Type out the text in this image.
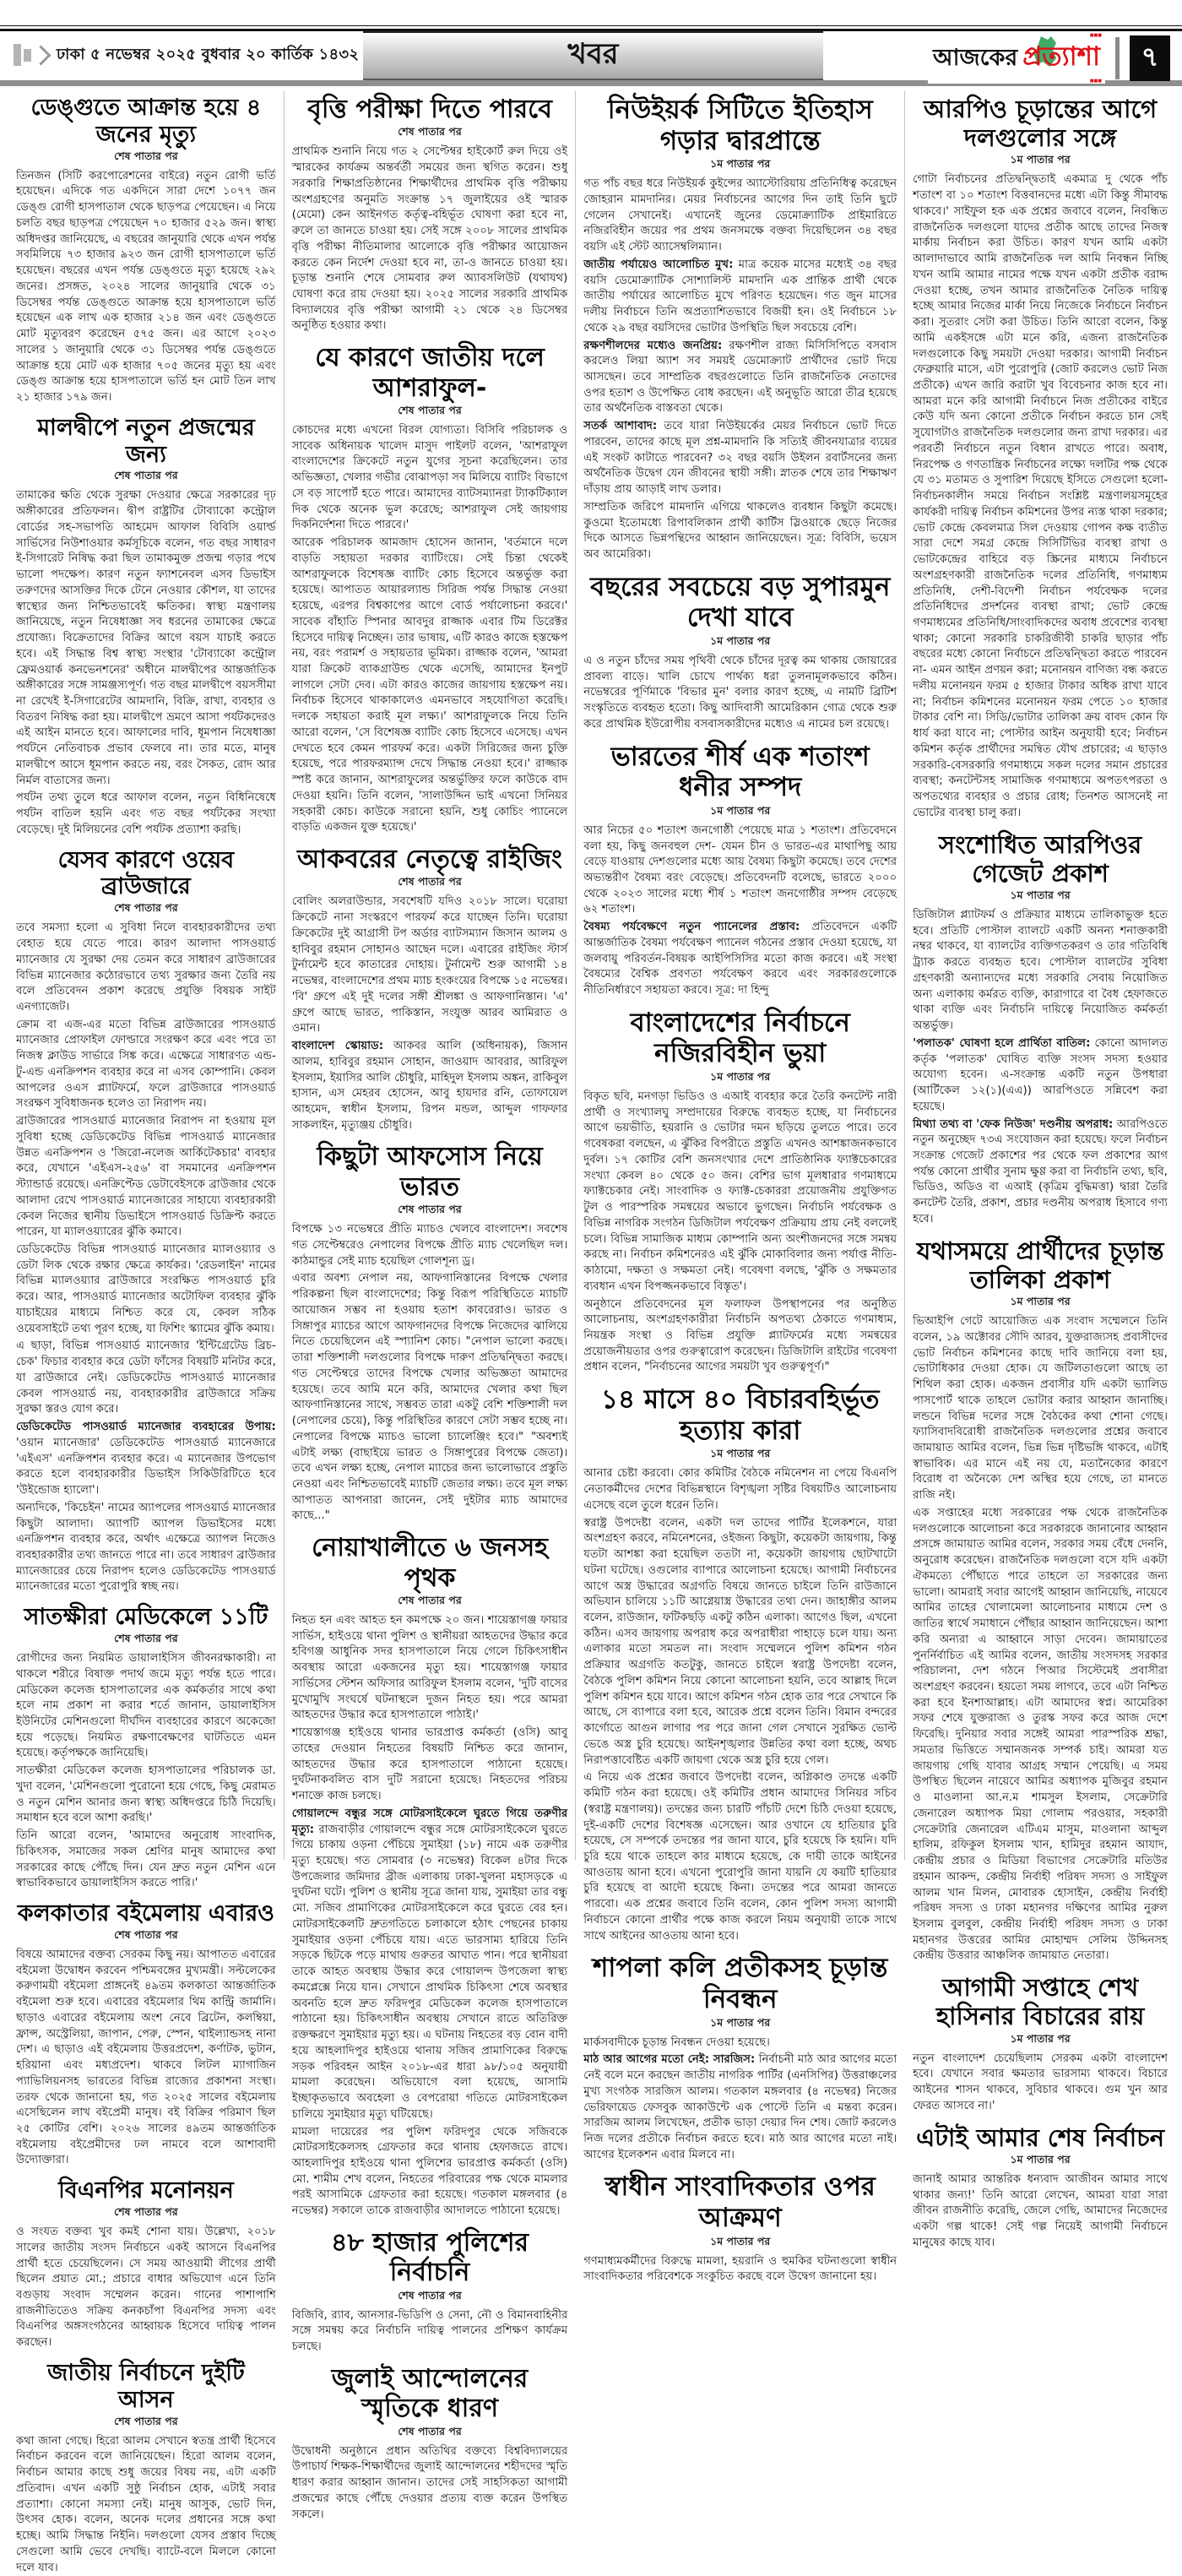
ঢাকা ৫ নভেম্বর ২০২৫ বুধবার ২০ কার্তিক ১৪৩২	খবর	আজকের প্রত্যাশা
■■■
■■■
৭
ডেঙ্গুতে আক্রান্ত হয়ে ৪ জনের মৃত্যু
শেষ পাতার পর

তিনজন (সিটি করপোরেশনের বাইরে) নতুন রোগী ভর্তি হয়েছেন। এদিকে গত একদিনে সারা দেশে ১০৭৭ জন ডেঙ্গু রোগী হাসপাতাল থেকে ছাড়পত্র পেয়েছেন। এ নিয়ে চলতি বছর ছাড়পত্র পেয়েছেন ৭০ হাজার ৫২৯ জন। স্বাস্থ্য অধিদপ্তর জানিয়েছে, এ বছরের জানুয়ারি থেকে এখন পর্যন্ত সবমিলিয়ে ৭৩ হাজার ৯২৩ জন রোগী হাসপাতালে ভর্তি হয়েছেন। বছরের এখন পর্যন্ত ডেঙ্গুতে মৃত্যু হয়েছে ২৯২ জনের। প্রসঙ্গত, ২০২৪ সালের জানুয়ারি থেকে ৩১ ডিসেম্বর পর্যন্ত ডেঙ্গুতে আক্রান্ত হয়ে হাসপাতালে ভর্তি হয়েছেন এক লাখ এক হাজার ২১৪ জন এবং ডেঙ্গুতে মোট মৃত্যুবরণ করেছেন ৫৭৫ জন। এর আগে ২০২৩ সালের ১ জানুয়ারি থেকে ৩১ ডিসেম্বর পর্যন্ত ডেঙ্গুতে আক্রান্ত হয়ে মোট এক হাজার ৭০৫ জনের মৃত্যু হয় এবং ডেঙ্গু আক্রান্ত হয়ে হাসপাতালে ভর্তি হন মোট তিন লাখ ২১ হাজার ১৭৯ জন।

মালদ্বীপে নতুন প্রজন্মের জন্য
শেষ পাতার পর

তামাকের ক্ষতি থেকে সুরক্ষা দেওয়ার ক্ষেত্রে সরকারের দৃঢ় অঙ্গীকারের প্রতিফলন। দ্বীপ রাষ্ট্রটির টোব্যাকো কন্ট্রোল বোর্ডের সহ-সভাপতি আহমেদ আফাল বিবিসি ওয়ার্ল্ড সার্ভিসের নিউশাওয়ার কর্মসূচিকে বলেন, গত বছর সাধারণ ই-সিগারেট নিষিদ্ধ করা ছিল তামাকমুক্ত প্রজন্ম গড়ার পথে ভালো পদক্ষেপ। কারণ নতুন ফ্যাশনেবল এসব ডিভাইস তরুণদের আসক্তির দিকে টেনে নেওয়ার কৌশল, যা তাদের স্বাস্থ্যের জন্য নিশ্চিতভাবেই ক্ষতিকর। স্বাস্থ্য মন্ত্রণালয় জানিয়েছে, নতুন নিষেধাজ্ঞা সব ধরনের তামাকের ক্ষেত্রে প্রযোজ্য। বিক্রেতাদের বিক্রির আগে বয়স যাচাই করতে হবে। এই সিদ্ধান্ত বিশ্ব স্বাস্থ্য সংস্থার 'টোব্যাকো কন্ট্রোল ফ্রেমওয়ার্ক কনভেনশনের' অধীনে মালদ্বীপের আন্তর্জাতিক অঙ্গীকারের সঙ্গে সামঞ্জস্যপূর্ণ। গত বছর মালদ্বীপে বয়সসীমা না রেখেই ই-সিগারেটের আমদানি, বিক্রি, রাখা, ব্যবহার ও বিতরণ নিষিদ্ধ করা হয়। মালদ্বীপে ভ্রমণে আসা পর্যটকদেরও এই আইন মানতে হবে। আফালের দাবি, ধূমপান নিষেধাজ্ঞা পর্যটনে নেতিবাচক প্রভাব ফেলবে না। তার মতে, মানুষ মালদ্বীপে আসে ধূমপান করতে নয়, বরং সৈকত, রোদ আর নির্মল বাতাসের জন্য।

পর্যটন তথ্য তুলে ধরে আফাল বলেন, নতুন বিধিনিষেধে পর্যটন বাতিল হয়নি এবং গত বছর পর্যটকের সংখ্যা বেড়েছে। দুই মিলিয়নের বেশি পর্যটক প্রত্যাশা করছি।

যেসব কারণে ওয়েব ব্রাউজারে
শেষ পাতার পর

তবে সমস্যা হলো এ সুবিধা নিলে ব্যবহারকারীদের তথ্য বেহাত হয়ে যেতে পারে। কারণ আলাদা পাসওয়ার্ড ম্যানেজার যে সুরক্ষা দেয় তেমন করে সাধারণ ব্রাউজারের বিভিন্ন ম্যানেজার কঠোরভাবে তথ্য সুরক্ষার জন্য তৈরি নয় বলে প্রতিবেদন প্রকাশ করেছে প্রযুক্তি বিষয়ক সাইট এনগ্যাজেট।

ক্রোম বা এজ-এর মতো বিভিন্ন ব্রাউজারের পাসওয়ার্ড ম্যানেজার প্রোফাইল ফোল্ডারে সংরক্ষণ করে এবং পরে তা নিজস্ব ক্লাউড সার্ভারে সিঙ্ক করে। এক্ষেত্রে সাধারণত এন্ড-টু-এন্ড এনক্রিপশন ব্যবহার করে না এসব কোম্পানি। কেবল আপলের ওএস প্ল্যাটফর্মে, ফলে ব্রাউজারে পাসওয়ার্ড সংরক্ষণ সুবিধাজনক হলেও তা নিরাপদ নয়।

ব্রাউজারের পাসওয়ার্ড ম্যানেজার নিরাপদ না হওয়ায় মূল সুবিধা হচ্ছে ডেডিকেটেড বিভিন্ন পাসওয়ার্ড ম্যানেজার উন্নত এনক্রিপশন ও 'জিরো-নলেজ আর্কিটেকচার' ব্যবহার করে, যেখানে 'এইএস-২৫৬' বা সমমানের এনক্রিপশন স্ট্যান্ডার্ড রয়েছে। এনক্রিপ্টেড ডেটাবেইসকে ব্রাউজার থেকে আলাদা রেখে পাসওয়ার্ড ম্যানেজারের সাহায্যে ব্যবহারকারী কেবল নিজের স্থানীয় ডিভাইসে পাসওয়ার্ড ডিক্রিপ্ট করতে পারেন, যা ম্যালওয়্যারের ঝুঁকি কমাবে।

ডেডিকেটেড বিভিন্ন পাসওয়ার্ড ম্যানেজার ম্যালওয়্যার ও ডেটা লিক থেকে রক্ষার ক্ষেত্রে কার্যকর। 'রেডলাইন' নামের বিভিন্ন ম্যালওয়্যার ব্রাউজারে সংরক্ষিত পাসওয়ার্ড চুরি করে। আর, পাসওয়ার্ড ম্যানেজার অটোফিল ব্যবহার ঝুঁকি যাচাইয়ের মাধ্যমে নিশ্চিত করে যে, কেবল সঠিক ওয়েবসাইটে তথ্য পূরণ হচ্ছে, যা ফিশিং স্ক্যামের ঝুঁকি কমায়।

এ ছাড়া, বিভিন্ন পাসওয়ার্ড ম্যানেজার 'ইন্টিগ্রেটেড ব্রিচ-চেক' ফিচার ব্যবহার করে ডেটা ফাঁসের বিষয়টি মনিটর করে, যা ব্রাউজারে নেই। ডেডিকেটেড পাসওয়ার্ড ম্যানেজার কেবল পাসওয়ার্ড নয়, ব্যবহারকারীর ব্রাউজারে সক্রিয় সুরক্ষা স্তরও যোগ করে।

ডেডিকেটেড পাসওয়ার্ড ম্যানেজার ব্যবহারের উপায়: 'ওয়ান ম্যানেজার' ডেডিকেটেড পাসওয়ার্ড ম্যানেজারে 'এইএস' এনক্রিপশন ব্যবহার করে। এ ম্যানেজার উপভোগ করতে হলে ব্যবহারকারীর ডিভাইস সিকিউরিটিতে হবে 'উইন্ডোজ হ্যালো'।

অন্যদিকে, 'কিচেইন' নামের অ্যাপলের পাসওয়ার্ড ম্যানেজার কিছুটা আলাদা। অ্যাপটি অ্যাপল ডিভাইসের মধ্যে এনক্রিপশন ব্যবহার করে, অর্থাৎ এক্ষেত্রে অ্যাপল নিজেও ব্যবহারকারীর তথ্য জানতে পারে না। তবে সাধারণ ব্রাউজার ম্যানেজারের চেয়ে নিরাপদ হলেও ডেডিকেটেড পাসওয়ার্ড ম্যানেজারের মতো পুরোপুরি স্বচ্ছ নয়।

সাতক্ষীরা মেডিকেলে ১১টি
শেষ পাতার পর

রোগীদের জন্য নিয়মিত ডায়ালাইসিস জীবনরক্ষাকারী। না থাকলে শরীরে বিষাক্ত পদার্থ জমে মৃত্যু পর্যন্ত হতে পারে। মেডিকেল কলেজ হাসপাতালের এক কর্মকর্তার সাথে কথা হলে নাম প্রকাশ না করার শর্তে জানান, ডায়ালাইসিস ইউনিটের মেশিনগুলো দীর্ঘদিন ব্যবহারের কারণে অকেজো হয়ে পড়েছে। নিয়মিত রক্ষণাবেক্ষণের ঘাটতিতে এমন হয়েছে। কর্তৃপক্ষকে জানিয়েছি।

সাতক্ষীরা মেডিকেল কলেজ হাসপাতালের পরিচালক ডা. খুদা বলেন, 'মেশিনগুলো পুরোনো হয়ে গেছে, কিছু মেরামত ও নতুন মেশিন আনার জন্য স্বাস্থ্য অধিদপ্তরে চিঠি দিয়েছি। সমাধান হবে বলে আশা করছি।'

তিনি আরো বলেন, 'আমাদের অনুরোধ সাংবাদিক, চিকিৎসক, সমাজের সকল শ্রেণির মানুষ আমাদের কথা সরকারের কাছে পৌঁছে দিন। যেন দ্রুত নতুন মেশিন এনে স্বাভাবিকভাবে ডায়ালাইসিস করতে পারি।'

কলকাতার বইমেলায় এবারও
শেষ পাতার পর

বিষয়ে আমাদের বক্তব্য সেরকম কিছু নয়। আপাতত এবারের বইমেলা উদ্বোধন করবেন পশ্চিমবঙ্গের মুখ্যমন্ত্রী। সল্টলেকের করুণাময়ী বইমেলা প্রাঙ্গনেই ৪৯তম কলকাতা আন্তর্জাতিক বইমেলা শুরু হবে। এবারের বইমেলার থিম কান্ট্রি জার্মানি। ছাড়াও এবারের বইমেলায় অংশ নেবে ব্রিটেন, কলম্বিয়া, ফ্রান্স, অস্ট্রেলিয়া, জাপান, পেরু, স্পেন, থাইল্যান্ডসহ নানা দেশ। এ ছাড়াও এই বইমেলায় উত্তরপ্রদেশ, কর্ণাটক, ভুটান, হরিয়ানা এবং মধ্যপ্রদেশ। থাকবে লিটল ম্যাগাজিন প্যাভিলিয়নসহ ভারতের বিভিন্ন রাজ্যের প্রকাশনা সংস্থা। তরফ থেকে জানানো হয়, গত ২০২৫ সালের বইমেলায় এসেছিলেন লাখ বইপ্রেমী মানুষ। বই বিক্রির পরিমাণ ছিল ২৫ কোটির বেশি। ২০২৬ সালের ৪৯তম আন্তর্জাতিক বইমেলায় বইপ্রেমীদের ঢল নামবে বলে আশাবাদী উদ্যোক্তারা।

বিএনপির মনোনয়ন
শেষ পাতার পর

ও সংযত বক্তব্য খুব কমই শোনা যায়। উল্লেখ্য, ২০১৮ সালের জাতীয় সংসদ নির্বাচনে একই আসনে বিএনপির প্রার্থী হতে চেয়েছিলেন। সে সময় আওয়ামী লীগের প্রার্থী ছিলেন প্রয়াত মো.; প্রচারে বাধার অভিযোগ এনে তিনি বগুড়ায় সংবাদ সম্মেলন করেন। গানের পাশাপাশি রাজনীতিতেও সক্রিয় কনকচাঁপা বিএনপির সদস্য এবং বিএনপির অঙ্গসংগঠনের আহ্বায়ক হিসেবে দায়িত্ব পালন করছেন।

জাতীয় নির্বাচনে দুইটি আসন
শেষ পাতার পর

কথা জানা গেছে। হিরো আলম সেখানে স্বতন্ত্র প্রার্থী হিসেবে নির্বাচন করবেন বলে জানিয়েছেন। হিরো আলম বলেন, নির্বাচন আমার কাছে শুধু জয়ের বিষয় নয়, এটা একটি প্রতিবাদ। এখন একটি সুষ্ঠু নির্বাচন হোক, এটাই সবার প্রত্যাশা। কোনো সমস্যা নেই। মানুষ আসুক, ভোট দিন, উৎসব হোক। বলেন, অনেক দলের প্রধানের সঙ্গে কথা হচ্ছে। আমি সিদ্ধান্ত নিইনি। দলগুলো যেসব প্রস্তাব দিচ্ছে সেগুলো আমি ভেবে দেখছি। ব্যাটে-বলে মিললে কোনো দলে যাব।

বৃত্তি পরীক্ষা দিতে পারবে
শেষ পাতার পর

প্রাথমিক শুনানি নিয়ে গত ২ সেপ্টেম্বর হাইকোর্ট রুল দিয়ে ওই স্মারকের কার্যক্রম অন্তর্বর্তী সময়ের জন্য স্থগিত করেন। শুধু সরকারি শিক্ষাপ্রতিষ্ঠানের শিক্ষার্থীদের প্রাথমিক বৃত্তি পরীক্ষায় অংশগ্রহণের অনুমতি সংক্রান্ত ১৭ জুলাইয়ের ওই স্মারক (মেমো) কেন আইনগত কর্তৃত্ব-বহির্ভূত ঘোষণা করা হবে না, রুলে তা জানতে চাওয়া হয়। সেই সঙ্গে ২০০৮ সালের প্রাথমিক বৃত্তি পরীক্ষা নীতিমালার আলোকে বৃত্তি পরীক্ষার আয়োজন করতে কেন নির্দেশ দেওয়া হবে না, তা-ও জানতে চাওয়া হয়। চূড়ান্ত শুনানি শেষে সোমবার রুল অ্যাবসলিউট (যথাযথ) ঘোষণা করে রায় দেওয়া হয়। ২০২৫ সালের সরকারি প্রাথমিক বিদ্যালয়ের বৃত্তি পরীক্ষা আগামী ২১ থেকে ২৪ ডিসেম্বর অনুষ্ঠিত হওয়ার কথা।

যে কারণে জাতীয় দলে আশরাফুল-
শেষ পাতার পর

কোচদের মধ্যে এখনো বিরল যোগ্যতা। বিসিবি পরিচালক ও সাবেক অধিনায়ক খালেদ মাসুদ পাইলট বলেন, 'আশরাফুল বাংলাদেশের ক্রিকেটে নতুন যুগের সূচনা করেছিলেন। তার অভিজ্ঞতা, খেলার গভীর বোঝাপড়া সব মিলিয়ে ব্যাটিং বিভাগে সে বড় সাপোর্ট হতে পারে। আমাদের ব্যাটসম্যানরা ট্যাকটিক্যাল দিক থেকে অনেক ভুল করেছে; আশরাফুল সেই জায়গায় দিকনির্দেশনা দিতে পারবে।'

আরেক পরিচালক আমজাদ হোসেন জানান, 'বর্তমানে দলে বাড়তি সহায়তা দরকার ব্যাটিংয়ে। সেই চিন্তা থেকেই আশরাফুলকে বিশেষজ্ঞ ব্যাটিং কোচ হিসেবে অন্তর্ভুক্ত করা হয়েছে। আপাতত আয়ারল্যান্ড সিরিজ পর্যন্ত সিদ্ধান্ত নেওয়া হয়েছে, এরপর বিশ্বকাপের আগে বোর্ড পর্যালোচনা করবে।' সাবেক বাঁহাতি স্পিনার আবদুর রাজ্জাক এবার টিম ডিরেক্টর হিসেবে দায়িত্ব নিচ্ছেন। তার ভাষায়, এটি কারও কাজে হস্তক্ষেপ নয়, বরং পরামর্শ ও সহায়তার ভূমিকা। রাজ্জাক বলেন, 'আমরা যারা ক্রিকেট ব্যাকগ্রাউন্ড থেকে এসেছি, আমাদের ইনপুট লাগলে সেটা দেব। এটা কারও কাজের জায়গায় হস্তক্ষেপ নয়। নির্বাচক হিসেবে থাকাকালেও এমনভাবে সহযোগিতা করেছি। দলকে সহায়তা করাই মূল লক্ষ্য।' আশরাফুলকে নিয়ে তিনি আরো বলেন, 'সে বিশেষজ্ঞ ব্যাটিং কোচ হিসেবে এসেছে। এখন দেখতে হবে কেমন পারফর্ম করে। একটা সিরিজের জন্য চুক্তি হয়েছে, পরে পারফরম্যান্স দেখে সিদ্ধান্ত নেওয়া হবে।' রাজ্জাক স্পষ্ট করে জানান, আশরাফুলের অন্তর্ভুক্তির ফলে কাউকে বাদ দেওয়া হয়নি। তিনি বলেন, 'সালাউদ্দিন ভাই এখনো সিনিয়র সহকারী কোচ। কাউকে সরানো হয়নি, শুধু কোচিং প্যানেলে বাড়তি একজন যুক্ত হয়েছে।'

আকবরের নেতৃত্বে রাইজিং
শেষ পাতার পর

বোলিং অলরাউন্ডার, সবশেষটি যদিও ২০১৮ সালে। ঘরোয়া ক্রিকেটে নানা সংস্করণে পারফর্ম করে যাচ্ছেন তিনি। ঘরোয়া ক্রিকেটের দুই আগ্রাসী টপ অর্ডার ব্যাটসম্যান জিসান আলম ও হাবিবুর রহমান সোহানও আছেন দলে। এবারের রাইজিং স্টার্স টুর্নামেন্ট হবে কাতারের দোহায়। টুর্নামেন্ট শুরু আগামী ১৪ নভেম্বর, বাংলাদেশের প্রথম ম্যাচ হংকংয়ের বিপক্ষে ১৫ নভেম্বর। 'বি' গ্রুপে এই দুই দলের সঙ্গী শ্রীলঙ্কা ও আফগানিস্তান। 'এ' গ্রুপে আছে ভারত, পাকিস্তান, সংযুক্ত আরব আমিরাত ও ওমান।

বাংলাদেশ স্কোয়াড: আকবর আলি (অধিনায়ক), জিসান আলম, হাবিবুর রহমান সোহান, জাওয়াদ আবরার, আরিফুল ইসলাম, ইয়াসির আলি চৌধুরি, মাহিদুল ইসলাম অঙ্কন, রাকিবুল হাসান, এস মেহরব হোসেন, আবু হায়দার রনি, তোফায়েল আহমেদ, স্বাধীন ইসলাম, রিপন মন্ডল, আব্দুল গাফফার সাকলাইন, মৃত্যুঞ্জয় চৌধুরি।

কিছুটা আফসোস নিয়ে ভারত
শেষ পাতার পর

বিপক্ষে ১৩ নভেম্বরে প্রীতি ম্যাচও খেলবে বাংলাদেশ। সবশেষ গত সেপ্টেম্বরেও নেপালের বিপক্ষে প্রীতি ম্যাচ খেলেছিল দল। কাঠমান্ডুর সেই ম্যাচ হয়েছিল গোলশূন্য ড্র।

এবার অবশ্য নেপাল নয়, আফগানিস্তানের বিপক্ষে খেলার পরিকল্পনা ছিল বাংলাদেশের; কিন্তু বিরূপ পরিস্থিতিতে ম্যাচটি আয়োজন সম্ভব না হওয়ায় হতাশ কাবরেরাও। ভারত ও সিঙ্গাপুর ম্যাচের আগে আফগানদের বিপক্ষে নিজেদের ঝালিয়ে নিতে চেয়েছিলেন এই স্প্যানিশ কোচ। "নেপাল ভালো করছে। তারা শক্তিশালী দলগুলোর বিপক্ষে দারুণ প্রতিদ্বন্দ্বিতা করছে। গত সেপ্টেম্বরে তাদের বিপক্ষে খেলার অভিজ্ঞতা আমাদের হয়েছে। তবে আমি মনে করি, আমাদের খেলার কথা ছিল আফগানিস্তানের সাথে, সম্ভবত তারা একটু বেশি শক্তিশালী দল (নেপালের চেয়ে), কিন্তু পরিস্থিতির কারণে সেটা সম্ভব হচ্ছে না। নেপালের বিপক্ষে ম্যাচও ভালো চ্যালেঞ্জিং হবে।" "অবশ্যই এটাই লক্ষ্য (বাছাইয়ে ভারত ও সিঙ্গাপুরের বিপক্ষে জেতা)। তবে এখন লক্ষ্য হচ্ছে, নেপাল ম্যাচের জন্য ভালোভাবে প্রস্তুতি নেওয়া এবং নিশ্চিতভাবেই ম্যাচটি জেতার লক্ষ্য। তবে মূল লক্ষ্য আপাতত আপনারা জানেন, সেই দুইটার ম্যাচ আমাদের কাছে..."

নোয়াখালীতে ৬ জনসহ পৃথক
শেষ পাতার পর

নিহত হন এবং আহত হন কমপক্ষে ২০ জন। শায়েস্তাগঞ্জ ফায়ার সার্ভিস, হাইওয়ে থানা পুলিশ ও স্থানীয়রা আহতদের উদ্ধার করে হবিগঞ্জ আধুনিক সদর হাসপাতালে নিয়ে গেলে চিকিৎসাধীন অবস্থায় আরো একজনের মৃত্যু হয়। শায়েস্তাগঞ্জ ফায়ার সার্ভিসের স্টেশন অফিসার আরিফুল ইসলাম বলেন, 'দুটি বাসের মুখোমুখি সংঘর্ষে ঘটনাস্থলে দুজন নিহত হয়। পরে আমরা আহতদের উদ্ধার করে হাসপাতালে পাঠাই।'

শায়েস্তাগঞ্জ হাইওয়ে থানার ভারপ্রাপ্ত কর্মকর্তা (ওসি) আবু তাহের দেওয়ান নিহতের বিষয়টি নিশ্চিত করে জানান, আহতদের উদ্ধার করে হাসপাতালে পাঠানো হয়েছে। দুর্ঘটনাকবলিত বাস দুটি সরানো হয়েছে। নিহতদের পরিচয় শনাক্তে কাজ চলছে।

গোয়ালন্দে বন্ধুর সঙ্গে মোটরসাইকেলে ঘুরতে গিয়ে তরুণীর মৃত্যু: রাজবাড়ীর গোয়ালন্দে বন্ধুর সঙ্গে মোটরসাইকেলে ঘুরতে গিয়ে চাকায় ওড়না পেঁচিয়ে সুমাইয়া (১৮) নামে এক তরুণীর মৃত্যু হয়েছে। গত সোমবার (৩ নভেম্বর) বিকেল ৪টার দিকে উপজেলার জমিদার ব্রীজ এলাকায় ঢাকা-খুলনা মহাসড়কে এ দুর্ঘটনা ঘটে। পুলিশ ও স্থানীয় সূত্রে জানা যায়, সুমাইয়া তার বন্ধু মো. সজিব প্রামাণিকের মোটরসাইকেলে করে ঘুরতে বের হন। মোটরসাইকেলটি দ্রুতগতিতে চলাকালে হঠাৎ পেছনের চাকায় সুমাইয়ার ওড়না পেঁচিয়ে যায়। এতে ভারসাম্য হারিয়ে তিনি সড়কে ছিটকে পড়ে মাথায় গুরুতর আঘাত পান। পরে স্থানীয়রা তাকে আহত অবস্থায় উদ্ধার করে গোয়ালন্দ উপজেলা স্বাস্থ্য কমপ্লেক্সে নিয়ে যান। সেখানে প্রাথমিক চিকিৎসা শেষে অবস্থার অবনতি হলে দ্রুত ফরিদপুর মেডিকেল কলেজ হাসপাতালে পাঠানো হয়। চিকিৎসাধীন অবস্থায় সেখানে রাতে অতিরিক্ত রক্তক্ষরণে সুমাইয়ার মৃত্যু হয়। এ ঘটনায় নিহতের বড় বোন বাদী হয়ে আহলাদিপুর হাইওয়ে থানায় সজিব প্রামাণিকের বিরুদ্ধে সড়ক পরিবহন আইন ২০১৮-এর ধারা ৯৮/১০৫ অনুযায়ী মামলা করেছেন। অভিযোগে বলা হয়েছে, আসামি ইচ্ছাকৃতভাবে অবহেলা ও বেপরোয়া গতিতে মোটরসাইকেল চালিয়ে সুমাইয়ার মৃত্যু ঘটিয়েছে।

মামলা দায়েরের পর পুলিশ ফরিদপুর থেকে সজিবকে মোটরসাইকেলসহ গ্রেফতার করে থানায় হেফাজতে রাখে। আহলাদিপুর হাইওয়ে থানা পুলিশের ভারপ্রাপ্ত কর্মকর্তা (ওসি) মো. শামীম শেখ বলেন, নিহতের পরিবারের পক্ষ থেকে মামলার পরই আসামিকে গ্রেফতার করা হয়েছে। গতকাল মঙ্গলবার (৪ নভেম্বর) সকালে তাকে রাজবাড়ীর আদালতে পাঠানো হয়েছে।

৪৮ হাজার পুলিশের নির্বাচনি
শেষ পাতার পর

বিজিবি, র‍্যাব, আনসার-ভিডিপি ও সেনা, নৌ ও বিমানবাহিনীর সঙ্গে সমন্বয় করে নির্বাচনি দায়িত্ব পালনের প্রশিক্ষণ কার্যক্রম চলছে।

জুলাই আন্দোলনের স্মৃতিকে ধারণ
শেষ পাতার পর

উদ্বোধনী অনুষ্ঠানে প্রধান অতিথির বক্তব্যে বিশ্ববিদ্যালয়ের উপাচার্য শিক্ষক-শিক্ষার্থীদের জুলাই আন্দোলনের শহীদদের স্মৃতি ধারণ করার আহ্বান জানান। তাদের সেই সাহসিকতা আগামী প্রজন্মের কাছে পৌঁছে দেওয়ার প্রত্যয় ব্যক্ত করেন উপস্থিত সকলে।

নিউইয়র্ক সিটিতে ইতিহাস গড়ার দ্বারপ্রান্তে
১ম পাতার পর

গত পাঁচ বছর ধরে নিউইয়র্ক কুইন্সের অ্যাস্টোরিয়ায় প্রতিনিধিত্ব করেছেন জোহরান মামদানির। মেয়র নির্বাচনের আগের দিন তাই তিনি ছুটে গেলেন সেখানেই। এখানেই জুনের ডেমোক্র্যাটিক প্রাইমারিতে নজিরবিহীন জয়ের পর প্রথম জনসমক্ষে বক্তব্য দিয়েছিলেন ৩৪ বছর বয়সি এই স্টেট অ্যাসেম্বলিম্যান।

জাতীয় পর্যায়েও আলোচিত মুখ: মাত্র কয়েক মাসের মধ্যেই ৩৪ বছর বয়সি ডেমোক্র্যাটিক সোশ্যালিস্ট মামদানি এক প্রান্তিক প্রার্থী থেকে জাতীয় পর্যায়ের আলোচিত মুখে পরিণত হয়েছেন। গত জুন মাসের দলীয় নির্বাচনে তিনি অপ্রত্যাশিতভাবে বিজয়ী হন। ওই নির্বাচনে ১৮ থেকে ২৯ বছর বয়সিদের ভোটার উপস্থিতি ছিল সবচেয়ে বেশি।

রক্ষণশীলদের মধ্যেও জনপ্রিয়: রক্ষণশীল রাজ্য মিসিসিপিতে বসবাস করলেও লিয়া অ্যাশ সব সময়ই ডেমোক্র্যাট প্রার্থীদের ভোট দিয়ে আসছেন। তবে সাম্প্রতিক বছরগুলোতে তিনি রাজনৈতিক নেতাদের ওপর হতাশ ও উপেক্ষিত বোধ করছেন। এই অনুভূতি আরো তীব্র হয়েছে তার অর্থনৈতিক বাস্তবতা থেকে।

সতর্ক আশাবাদ: তবে যারা নিউইয়র্কের মেয়র নির্বাচনে ভোট দিতে পারবেন, তাদের কাছে মূল প্রশ্ন-মামদানি কি সত্যিই জীবনযাত্রার ব্যয়ের এই সংকট কাটাতে পারবেন? ৩২ বছর বয়সি উইলন রবার্টসনের জন্য অর্থনৈতিক উদ্বেগ যেন জীবনের স্থায়ী সঙ্গী। স্নাতক শেষে তার শিক্ষাঋণ দাঁড়ায় প্রায় আড়াই লাখ ডলার।

সাম্প্রতিক জরিপে মামদানি এগিয়ে থাকলেও ব্যবধান কিছুটা কমেছে। কুওমো ইতোমধ্যে রিপাবলিকান প্রার্থী কার্টিস স্লিওয়াকে ছেড়ে নিজের দিকে আসতে ভিন্নপন্থিদের আহ্বান জানিয়েছেন। সূত্র: বিবিসি, ভয়েস অব আমেরিকা।

বছরের সবচেয়ে বড় সুপারমুন দেখা যাবে
১ম পাতার পর

এ ও নতুন চাঁদের সময় পৃথিবী থেকে চাঁদের দূরত্ব কম থাকায় জোয়ারের প্রাবল্য বাড়ে। খালি চোখে পার্থক্য ধরা তুলনামূলকভাবে কঠিন। নভেম্বরের পূর্ণিমাকে 'বিভার মুন' বলার কারণ হচ্ছে, এ নামটি ব্রিটিশ সংস্কৃতিতে ব্যবহৃত হতো। কিছু আদিবাসী আমেরিকান গোত্র থেকে শুরু করে প্রাথমিক ইউরোপীয় বসবাসকারীদের মধ্যেও এ নামের চল রয়েছে।

ভারতের শীর্ষ এক শতাংশ ধনীর সম্পদ
১ম পাতার পর

আর নিচের ৫০ শতাংশ জনগোষ্ঠী পেয়েছে মাত্র ১ শতাংশ। প্রতিবেদনে বলা হয়, কিছু জনবহুল দেশ- যেমন চীন ও ভারত-এর মাথাপিছু আয় বেড়ে যাওয়ায় দেশগুলোর মধ্যে আয় বৈষম্য কিছুটা কমেছে। তবে দেশের অভ্যন্তরীণ বৈষম্য বরং বেড়েছে। প্রতিবেদনটি বলেছে, ভারতে ২০০০ থেকে ২০২৩ সালের মধ্যে শীর্ষ ১ শতাংশ জনগোষ্ঠীর সম্পদ বেড়েছে ৬২ শতাংশ।

বৈষম্য পর্যবেক্ষণে নতুন প্যানেলের প্রস্তাব: প্রতিবেদনে একটি আন্তর্জাতিক বৈষম্য পর্যবেক্ষণ প্যানেল গঠনের প্রস্তাব দেওয়া হয়েছে, যা জলবায়ু পরিবর্তন-বিষয়ক আইপিসিসির মতো কাজ করবে। এই সংস্থা বৈষম্যের বৈশ্বিক প্রবণতা পর্যবেক্ষণ করবে এবং সরকারগুলোকে নীতিনির্ধারণে সহায়তা করবে। সূত্র: দা হিন্দু

বাংলাদেশের নির্বাচনে নজিরবিহীন ভুয়া
১ম পাতার পর

বিকৃত ছবি, মনগড়া ভিডিও ও এআই ব্যবহার করে তৈরি কনটেন্ট নারী প্রার্থী ও সংখ্যালঘু সম্প্রদায়ের বিরুদ্ধে ব্যবহৃত হচ্ছে, যা নির্বাচনের আগে ভয়ভীতি, হয়রানি ও ভোটার দমন ছড়িয়ে তুলতে পারে। তবে গবেষকরা বলছেন, এ ঝুঁকির বিপরীতে প্রস্তুতি এখনও আশঙ্কাজনকভাবে দুর্বল। ১৭ কোটির বেশি জনসংখ্যার দেশে প্রাতিষ্ঠানিক ফ্যাক্টচেকারের সংখ্যা কেবল ৪০ থেকে ৫০ জন। বেশির ভাগ মূলধারার গণমাধ্যমে ফ্যাক্টচেকার নেই। সাংবাদিক ও ফ্যাক্ট-চেকাররা প্রয়োজনীয় প্রযুক্তিগত টুল ও পারস্পরিক সমন্বয়ের অভাবে ভুগছেন। নির্বাচনি পর্যবেক্ষক ও বিভিন্ন নাগরিক সংগঠন ডিজিটাল পর্যবেক্ষণ প্রক্রিয়ায় প্রায় নেই বললেই চলে। বিভিন্ন সামাজিক মাধ্যম কোম্পানি অন্য অংশীজনদের সঙ্গে সমন্বয় করছে না। নির্বাচন কমিশনেরও এই ঝুঁকি মোকাবিলার জন্য পর্যাপ্ত নীতি-কাঠামো, দক্ষতা ও সক্ষমতা নেই। গবেষণা বলছে, 'ঝুঁকি ও সক্ষমতার ব্যবধান এখন বিপজ্জনকভাবে বিস্তৃত'।

অনুষ্ঠানে প্রতিবেদনের মূল ফলাফল উপস্থাপনের পর অনুষ্ঠিত আলোচনায়, অংশগ্রহণকারীরা নির্বাচনি অপতথ্য ঠেকাতে গণমাধ্যম, নিয়ন্ত্রক সংস্থা ও বিভিন্ন প্রযুক্তি প্ল্যাটফর্মের মধ্যে সমন্বয়ের প্রয়োজনীয়তার ওপর গুরুত্বারোপ করেছেন। ডিজিটালি রাইটের গবেষণা প্রধান বলেন, "নির্বাচনের আগের সময়টা খুব গুরুত্বপূর্ণ।"

১৪ মাসে ৪০ বিচারবহির্ভূত হত্যায় কারা
১ম পাতার পর

আনার চেষ্টা করবো। কোর কমিটির বৈঠকে নমিনেশন না পেয়ে বিএনপি নেতাকর্মীদের দেশের বিভিন্নস্থানে বিশৃঙ্খলা সৃষ্টির বিষয়টিও আলোচনায় এসেছে বলে তুলে ধরেন তিনি।

স্বরাষ্ট্র উপদেষ্টা বলেন, একটা দল তাদের পার্টির ইলেকশনে, যারা অংশগ্রহণ করবে, নমিনেশনের, ওইজন্য কিছুটা, কয়েকটা জায়গায়, কিন্তু যতটা আশঙ্কা করা হয়েছিল ততটা না, কয়েকটা জায়গায় ছোটখাটো ঘটনা ঘটেছে। ওগুলোর ব্যাপারে আলোচনা হয়েছে। আগামী নির্বাচনের আগে অস্ত্র উদ্ধারের অগ্রগতি বিষয়ে জানতে চাইলে তিনি রাউজানে অভিযান চালিয়ে ১১টি আগ্নেয়াস্ত্র উদ্ধারের তথ্য দেন। জাহাঙ্গীর আলম বলেন, রাউজান, ফটিকছড়ি একটু কঠিন এলাকা। আগেও ছিল, এখনো কঠিন। এসব জায়গায় অপরাধ করে অপরাধীরা পাহাড়ে চলে যায়। অন্য এলাকার মতো সমতল না। সংবাদ সম্মেলনে পুলিশ কমিশন গঠন প্রক্রিয়ার অগ্রগতি কতটুকু, জানতে চাইলে স্বরাষ্ট্র উপদেষ্টা বলেন, বৈঠকে পুলিশ কমিশন নিয়ে কোনো আলোচনা হয়নি, তবে আল্লাহ দিলে পুলিশ কমিশন হয়ে যাবে। আগে কমিশন গঠন হোক তার পরে সেখানে কি আছে, সে ব্যাপারে বলা হবে, আরেক প্রশ্নে বলেন তিনি। বিমান বন্দরের কার্গোতে আগুন লাগার পর পরে জানা গেল সেখানে সুরক্ষিত ভোল্ট ভেঙে অস্ত্র চুরি হয়েছে। আইনশৃঙ্খলার উন্নতির কথা বলা হচ্ছে, অথচ নিরাপত্তাবেষ্টিত একটি জায়গা থেকে অস্ত্র চুরি হয়ে গেল।

এ নিয়ে এক প্রশ্নের জবাবে উপদেষ্টা বলেন, অগ্নিকাণ্ড তদন্তে একটি কমিটি গঠন করা হয়েছে। ওই কমিটির প্রধান আমাদের সিনিয়র সচিব (স্বরাষ্ট্র মন্ত্রণালয়)। তদন্তের জন্য চারটি পাঁচটি দেশে চিঠি দেওয়া হয়েছে, দুই-একটি দেশের বিশেষজ্ঞ এসেছেন। আর ওখানে যে হাতিয়ার চুরি হয়েছে, সে সম্পর্কে তদন্তের পর জানা যাবে, চুরি হয়েছে কি হয়নি। যদি চুরি হয়ে থাকে তাহলে কার মাধ্যমে হয়েছে, কে দায়ী তাকে আইনের আওতায় আনা হবে। এখনো পুরোপুরি জানা যায়নি যে কয়টি হাতিয়ার চুরি হয়েছে বা আদৌ হয়েছে কিনা। তদন্তের পরে আমরা জানতে পারবো। এক প্রশ্নের জবাবে তিনি বলেন, কোন পুলিশ সদস্য আগামী নির্বাচনে কোনো প্রার্থীর পক্ষে কাজ করলে নিয়ম অনুযায়ী তাকে সাথে সাথে আইনের আওতায় আনা হবে।

শাপলা কলি প্রতীকসহ চূড়ান্ত নিবন্ধন
১ম পাতার পর

মার্কসবাদীকে চূড়ান্ত নিবন্ধন দেওয়া হয়েছে।

মাঠ আর আগের মতো নেই: সারজিস: নির্বাচনী মাঠ আর আগের মতো নেই বলে মনে করছেন জাতীয় নাগরিক পার্টির (এনসিপির) উত্তরাঞ্চলের মুখ্য সংগঠক সারজিস আলম। গতকাল মঙ্গলবার (৪ নভেম্বর) নিজের ভেরিফায়েড ফেসবুক আকাউন্টে এক পোস্টে তিনি এ মন্তব্য করেন। সারজিম আলম লিখেছেন, প্রতীক ভাড়া দেয়ার দিন শেষ। জোট করলেও নিজ দলের প্রতীকে নির্বাচন করতে হবে। মাঠ আর আগের মতো নাই। আগের ইলেকশন এবার মিলবে না।

স্বাধীন সাংবাদিকতার ওপর আক্রমণ
১ম পাতার পর

গণমাধ্যমকর্মীদের বিরুদ্ধে মামলা, হয়রানি ও হুমকির ঘটনাগুলো স্বাধীন সাংবাদিকতার পরিবেশকে সংকুচিত করছে বলে উদ্বেগ জানানো হয়।

আরপিও চূড়ান্তের আগে দলগুলোর সঙ্গে
১ম পাতার পর

গোটা নির্বাচনের প্রতিদ্বন্দ্বিতাই একমাত্র দু থেকে পাঁচ শতাংশ বা ১০ শতাংশ বিত্তবানদের মধ্যে এটা কিন্তু সীমাবদ্ধ থাকবে।' সাইফুল হক এক প্রশ্নের জবাবে বলেন, নিবন্ধিত রাজনৈতিক দলগুলো যাদের প্রতীক আছে তাদের নিজস্ব মার্কায় নির্বাচন করা উচিত। কারণ যখন আমি একটা আলাদাভাবে আমি রাজনৈতিক দল আমি নিবন্ধন নিচ্ছি যখন আমি আমার নামের পক্ষে যখন একটা প্রতীক বরাদ্দ দেওয়া হচ্ছে, তখন আমার রাজনৈতিক নৈতিক দায়িত্ব হচ্ছে আমার নিজের মার্কা নিয়ে নিজেকে নির্বাচনে নির্বাচন করা। সুতরাং সেটা করা উচিত। তিনি আরো বলেন, কিন্তু আমি একইসঙ্গে এটা মনে করি, এজন্য রাজনৈতিক দলগুলোকে কিছু সময়টা দেওয়া দরকার। আগামী নির্বাচন ফেব্রুয়ারি মাসে, এটা পুরোপুরি (জোট করলেও ভোট নিজ প্রতীকে) এখন জারি করাটা খুব বিবেচনার কাজ হবে না। আমরা মনে করি আগামী নির্বাচনে নিজ প্রতীকের বাইরে কেউ যদি অন্য কোনো প্রতীকে নির্বাচন করতে চান সেই সুযোগটাও রাজনৈতিক দলগুলোর জন্য রাখা দরকার। এর পরবর্তী নির্বাচনে নতুন বিধান রাখতে পারে। অবাধ, নিরপেক্ষ ও গণতান্ত্রিক নির্বাচনের লক্ষ্যে দলটির পক্ষ থেকে যে ৩১ মতামত ও সুপারিশ দিয়েছে ইসিতে সেগুলো হলো- নির্বাচনকালীন সময়ে নির্বাচন সংশ্লিষ্ট মন্ত্রণালয়সমূহের কার্যকরী দায়িত্ব নির্বাচন কমিশনের উপর ন্যস্ত থাকা দরকার; ভোট কেন্দ্রে কেবলমাত্র সিল দেওয়ায় গোপন কক্ষ ব্যতীত সারা দেশে সমগ্র কেন্দ্রে সিসিটিভির ব্যবস্থা রাখা ও ভোটকেন্দ্রের বাহিরে বড় স্ক্রিনের মাধ্যমে নির্বাচনে অংশগ্রহণকারী রাজনৈতিক দলের প্রতিনিধি, গণমাধ্যম প্রতিনিধি, দেশী-বিদেশী নির্বাচন পর্যবেক্ষক দলের প্রতিনিধিদের প্রদর্শনের ব্যবস্থা রাখা; ভোট কেন্দ্রে গণমাধ্যমের প্রতিনিধি/সাংবাদিকদের অবাধ প্রবেশের ব্যবস্থা থাকা; কোনো সরকারি চাকরিজীবী চাকরি ছাড়ার পাঁচ বছরের মধ্যে কোনো নির্বাচনে প্রতিদ্বন্দ্বিতা করতে পারবেন না- এমন আইন প্রণয়ন করা; মনোনয়ন বাণিজ্য বন্ধ করতে দলীয় মনোনয়ন ফরম ৫ হাজার টাকার অধিক রাখা যাবে না; নির্বাচন কমিশনের মনোনয়ন ফরম পেতে ১০ হাজার টাকার বেশি না। সিডি/ভোটার তালিকা ক্রয় বাবদ কোন ফি ধার্য করা যাবে না; পোস্টার আইন অনুযায়ী হবে; নির্বাচন কমিশন কর্তৃক প্রার্থীদের সমন্বিত যৌথ প্রচারের; এ ছাড়াও সরকারি-বেসরকারি গণমাধ্যমে সকল দলের সমান প্রচারের ব্যবস্থা; কনটেন্টসহ সামাজিক গণমাধ্যমে অপতৎপরতা ও অপতথ্যের ব্যবহার ও প্রচার রোধ; তিনশত আসনেই না ভোটের ব্যবস্থা চালু করা।

সংশোধিত আরপিওর গেজেট প্রকাশ
১ম পাতার পর

ডিজিটাল প্ল্যাটফর্ম ও প্রক্রিয়ার মাধ্যমে তালিকাভুক্ত হতে হবে। প্রতিটি পোস্টাল ব্যালটে একটি অনন্য শনাক্তকারী নম্বর থাকবে, যা ব্যালটের ব্যক্তিগতকরণ ও তার গতিবিধি ট্র্যাক করতে ব্যবহৃত হবে। পোস্টাল ব্যালটের সুবিধা গ্রহণকারী অন্যান্যদের মধ্যে সরকারি সেবায় নিয়োজিত অন্য এলাকায় কর্মরত ব্যক্তি, কারাগারে বা বৈধ হেফাজতে থাকা ব্যক্তি এবং নির্বাচনি দায়িত্বে নিয়োজিত কর্মকর্তা অন্তর্ভুক্ত।

'পলাতক' ঘোষণা হলে প্রার্থিতা বাতিল: কোনো আদালত কর্তৃক 'পলাতক' ঘোষিত ব্যক্তি সংসদ সদস্য হওয়ার অযোগ্য হবেন। এ-সংক্রান্ত একটি নতুন উপধারা (আর্টিকেল ১২(১)(এএ)) আরপিওতে সন্নিবেশ করা হয়েছে।

মিথ্যা তথ্য বা 'ফেক নিউজ' দণ্ডনীয় অপরাধ: আরপিওতে নতুন অনুচ্ছেদ ৭৩এ সংযোজন করা হয়েছে। ফলে নির্বাচন সংক্রান্ত গেজেট প্রকাশের পর থেকে ফল প্রকাশের আগ পর্যন্ত কোনো প্রার্থীর সুনাম ক্ষুণ্ণ করা বা নির্বাচনি তথ্য, ছবি, ভিডিও, অডিও বা এআই (কৃত্রিম বুদ্ধিমত্তা) দ্বারা তৈরি কনটেন্ট তৈরি, প্রকাশ, প্রচার দণ্ডনীয় অপরাধ হিসাবে গণ্য হবে।

যথাসময়ে প্রার্থীদের চূড়ান্ত তালিকা প্রকাশ
১ম পাতার পর

ভিআইপি গেটে আয়োজিত এক সংবাদ সম্মেলনে তিনি বলেন, ১৯ অক্টোবর সৌদি আরব, যুক্তরাজ্যসহ প্রবাসীদের ভোট নির্বাচন কমিশনের কাছে দাবি জানিয়ে বলা হয়, ভোটাধিকার দেওয়া হোক। যে জটিলতাগুলো আছে তা শিথিল করা হোক। একজন প্রবাসীর যদি একটা ভ্যালিড পাসপোর্ট থাকে তাহলে ভোটার করার আহ্বান জানাচ্ছি। লন্ডনে বিভিন্ন দলের সঙ্গে বৈঠকের কথা শোনা গেছে। ফ্যাসিবাদবিরোধী রাজনৈতিক দলগুলোর প্রশ্নের জবাবে জামায়াত আমির বলেন, ভিন্ন ভিন্ন দৃষ্টিভঙ্গি থাকবে, এটাই স্বাভাবিক। এর মানে এই নয় যে, মতানৈক্যের কারণে বিরোধ বা অনৈক্যে দেশ অস্থির হয়ে গেছে, তা মানতে রাজি নই।

এক সপ্তাহের মধ্যে সরকারের পক্ষ থেকে রাজনৈতিক দলগুলোকে আলোচনা করে সরকারকে জানানোর আহ্বান প্রসঙ্গে জামায়াত আমির বলেন, সরকার সময় বেঁধে দেননি, অনুরোধ করেছেন। রাজনৈতিক দলগুলো বসে যদি একটা ঐকমত্যে পৌঁছাতে পারে তাহলে তা সরকারের জন্য ভালো। আমরাই সবার আগেই আহ্বান জানিয়েছি, নায়েবে আমির তাহের খোলামেলা আলোচনার মাধ্যমে দেশ ও জাতির স্বার্থে সমাধানে পৌঁছার আহ্বান জানিয়েছেন। আশা করি অন্যরা এ আহ্বানে সাড়া দেবেন। জামায়াতের পুনর্নির্বাচিত এই আমির বলেন, জাতীয় সংসদসহ সরকার পরিচালনা, দেশ গঠনে পিআর সিস্টেমেই প্রবাসীরা অংশগ্রহণ করবেন। হয়তো সময় লাগবে, তবে এটা নিশ্চিত করা হবে ইনশাআল্লাহ। এটা আমাদের স্বপ্ন। আমেরিকা সফর শেষে যুক্তরাজ্য ও তুরস্ক সফর করে আজ দেশে ফিরেছি। দুনিয়ার সবার সঙ্গেই আমরা পারস্পরিক শ্রদ্ধা, সমতার ভিত্তিতে সম্মানজনক সম্পর্ক চাই। আমরা যত জায়গায় গেছি যাবার আগ্রহ সম্মান পেয়েছি। এ সময় উপস্থিত ছিলেন নায়েবে আমির অধ্যাপক মুজিবুর রহমান ও মাওলানা আ.ন.ম শামসুল ইসলাম, সেক্রেটারি জেনারেল অধ্যাপক মিয়া গোলাম পরওয়ার, সহকারী সেক্রেটারি জেনারেল এটিএম মাসুম, মাওলানা আব্দুল হালিম, রফিকুল ইসলাম খান, হামিদুর রহমান আযাদ, কেন্দ্রীয় প্রচার ও মিডিয়া বিভাগের সেক্রেটারি মতিউর রহমান আকন্দ, কেন্দ্রীয় নির্বাহী পরিষদ সদস্য ও সাইফুল আলম খান মিলন, মোবারক হোসাইন, কেন্দ্রীয় নির্বাহী পরিষদ সদস্য ও ঢাকা মহানগর দক্ষিণের আমির নুরুল ইসলাম বুলবুল, কেন্দ্রীয় নির্বাহী পরিষদ সদস্য ও ঢাকা মহানগর উত্তরের আমির মোহাম্মদ সেলিম উদ্দিনসহ কেন্দ্রীয় উত্তরার আঞ্চলিক জামায়াত নেতারা।

আগামী সপ্তাহে শেখ হাসিনার বিচারের রায়
১ম পাতার পর

নতুন বাংলাদেশ চেয়েছিলাম সেরকম একটা বাংলাদেশ হবে। যেখানে সবার ক্ষমতার ভারসাম্য থাকবে। বিচারে আইনের শাসন থাকবে, সুবিচার থাকবে। গুম খুন আর ফেরত আসবে না।'

এটাই আমার শেষ নির্বাচন
১ম পাতার পর

জানাই আমার আন্তরিক ধন্যবাদ আজীবন আমার সাথে থাকার জন্য!' তিনি আরো লেখেন, আমরা যারা সারা জীবন রাজনীতি করেছি, জেলে গেছি, আমাদের নিজেদের একটা গল্প থাকে! সেই গল্প নিয়েই আগামী নির্বাচনে মানুষের কাছে যাব।
